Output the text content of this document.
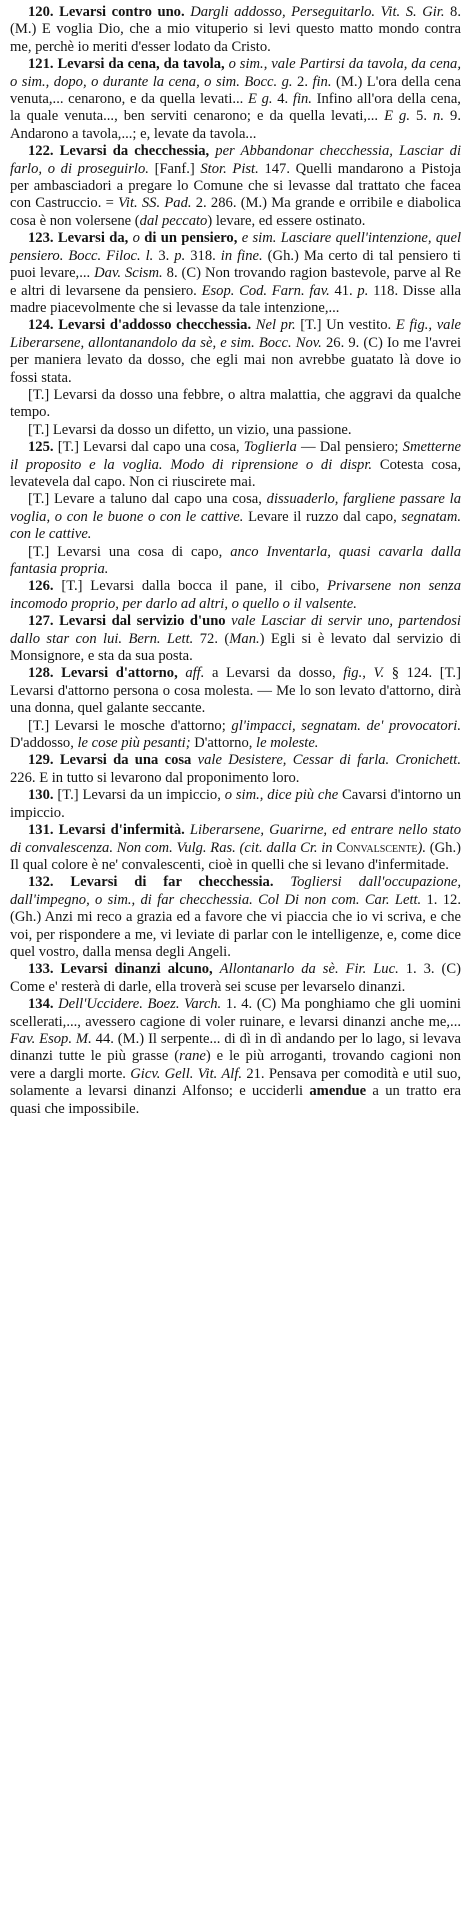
120. Levarsi contro uno. Dargli addosso, Perseguitarlo. Vit. S. Gir. 8. (M.) E voglia Dio, che a mio vituperio si levi questo matto mondo contra me, perchè io meriti d'esser lodato da Cristo.

121. Levarsi da cena, da tavola, o sim., vale Partirsi da tavola, da cena, o sim., dopo, o durante la cena, o sim. Bocc. g. 2. fin. (M.) L'ora della cena venuta,... cenarono, e da quella levati... E g. 4. fin. Infino all'ora della cena, la quale venuta..., ben serviti cenarono; e da quella levati,... E g. 5. n. 9. Andarono a tavola,...; e, levate da tavola...

122. Levarsi da checchessia, per Abbandonar checchessia, Lasciar di farlo, o di proseguirlo. [Fanf.] Stor. Pist. 147. Quelli mandarono a Pistoja per ambasciadori a pregare lo Comune che si levasse dal trattato che facea con Castruccio. = Vit. SS. Pad. 2. 286. (M.) Ma grande e orribile e diabolica cosa è non volersene (dal peccato) levare, ed essere ostinato.

123. Levarsi da, o di un pensiero, e sim. Lasciare quell'intenzione, quel pensiero. Bocc. Filoc. l. 3. p. 318. in fine. (Gh.) Ma certo di tal pensiero ti puoi levare,... Dav. Scism. 8. (C) Non trovando ragion bastevole, parve al Re e altri di levarsene da pensiero. Esop. Cod. Farn. fav. 41. p. 118. Disse alla madre piacevolmente che si levasse da tale intenzione,...

124. Levarsi d'addosso checchessia. Nel pr. [T.] Un vestito. E fig., vale Liberarsene, allontanandolo da sè, e sim. Bocc. Nov. 26. 9. (C) Io me l'avrei per maniera levato da dosso, che egli mai non avrebbe guatato là dove io fossi stata.

[T.] Levarsi da dosso una febbre, o altra malattia, che aggravi da qualche tempo.

[T.] Levarsi da dosso un difetto, un vizio, una passione.

125. [T.] Levarsi dal capo una cosa, Toglierla — Dal pensiero; Smetterne il proposito e la voglia. Modo di riprensione o di dispr. Cotesta cosa, levatevela dal capo. Non ci riuscirete mai.

[T.] Levare a taluno dal capo una cosa, dissuaderlo, fargliene passare la voglia, o con le buone o con le cattive. Levare il ruzzo dal capo, segnatam. con le cattive.

[T.] Levarsi una cosa di capo, anco Inventarla, quasi cavarla dalla fantasia propria.

126. [T.] Levarsi dalla bocca il pane, il cibo, Privarsene non senza incomodo proprio, per darlo ad altri, o quello o il valsente.

127. Levarsi dal servizio d'uno vale Lasciar di servir uno, partendosi dallo star con lui. Bern. Lett. 72. (Man.) Egli si è levato dal servizio di Monsignore, e sta da sua posta.

128. Levarsi d'attorno, aff. a Levarsi da dosso, fig., V. § 124. [T.] Levarsi d'attorno persona o cosa molesta. — Me lo son levato d'attorno, dirà una donna, quel galante seccante.

[T.] Levarsi le mosche d'attorno; gl'impacci, segnatam. de' provocatori. D'addosso, le cose più pesanti; D'attorno, le moleste.

129. Levarsi da una cosa vale Desistere, Cessar di farla. Cronichett. 226. E in tutto si levarono dal proponimento loro.

130. [T.] Levarsi da un impiccio, o sim., dice più che Cavarsi d'intorno un impiccio.

131. Levarsi d'infermità. Liberarsene, Guarirne, ed entrare nello stato di convalescenza. Non com. Vulg. Ras. (cit. dalla Cr. in Convalscente). (Gh.) Il qual colore è ne' convalescenti, cioè in quelli che si levano d'infermitade.

132. Levarsi di far checchessia. Togliersi dall'occupazione, dall'impegno, o sim., di far checchessia. Col Di non com. Car. Lett. 1. 12. (Gh.) Anzi mi reco a grazia ed a favore che vi piaccia che io vi scriva, e che voi, per rispondere a me, vi leviate di parlar con le intelligenze, e, come dice quel vostro, dalla mensa degli Angeli.

133. Levarsi dinanzi alcuno, Allontanarlo da sè. Fir. Luc. 1. 3. (C) Come e' resterà di darle, ella troverà sei scuse per levarselo dinanzi.

134. Dell'Uccidere. Boez. Varch. 1. 4. (C) Ma ponghiamo che gli uomini scellerati,..., avessero cagione di voler ruinare, e levarsi dinanzi anche me,... Fav. Esop. M. 44. (M.) Il serpente... di dì in dì andando per lo lago, si levava dinanzi tutte le più grasse (rane) e le più arroganti, trovando cagioni non vere a dargli morte. Gicv. Gell. Vit. Alf. 21. Pensava per comodità e util suo, solamente a levarsi dinanzi Alfonso; e ucciderli amendue a un tratto era quasi che impossibile.
